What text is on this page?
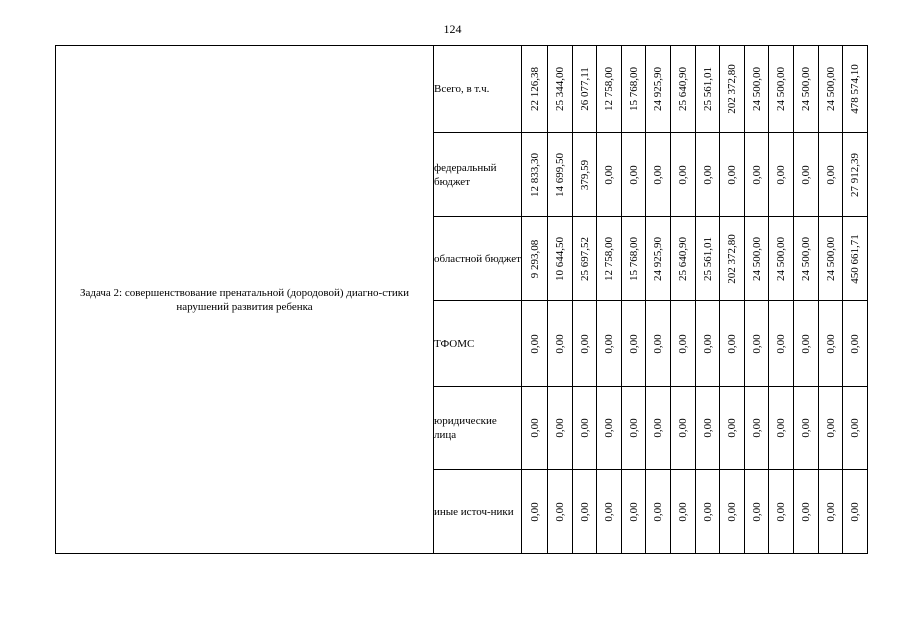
124
Задача 2: совершенствование пренатальной (дородовой) диагно-стики нарушений развития ребенка	Всего, в т.ч.	22 126,38	25 344,00	26 077,11	12 758,00	15 768,00	24 925,90	25 640,90	25 561,01	202 372,80	24 500,00	24 500,00	24 500,00	24 500,00	478 574,10

	федеральный бюджет	12 833,30	14 699,50	379,59	0,00	0,00	0,00	0,00	0,00	0,00	0,00	0,00	0,00	0,00	27 912,39

	областной бюджет	9 293,08	10 644,50	25 697,52	12 758,00	15 768,00	24 925,90	25 640,90	25 561,01	202 372,80	24 500,00	24 500,00	24 500,00	24 500,00	450 661,71

	ТФОМС	0,00	0,00	0,00	0,00	0,00	0,00	0,00	0,00	0,00	0,00	0,00	0,00	0,00	0,00

	юридические лица	0,00	0,00	0,00	0,00	0,00	0,00	0,00	0,00	0,00	0,00	0,00	0,00	0,00	0,00

	иные источ-ники	0,00	0,00	0,00	0,00	0,00	0,00	0,00	0,00	0,00	0,00	0,00	0,00	0,00	0,00
